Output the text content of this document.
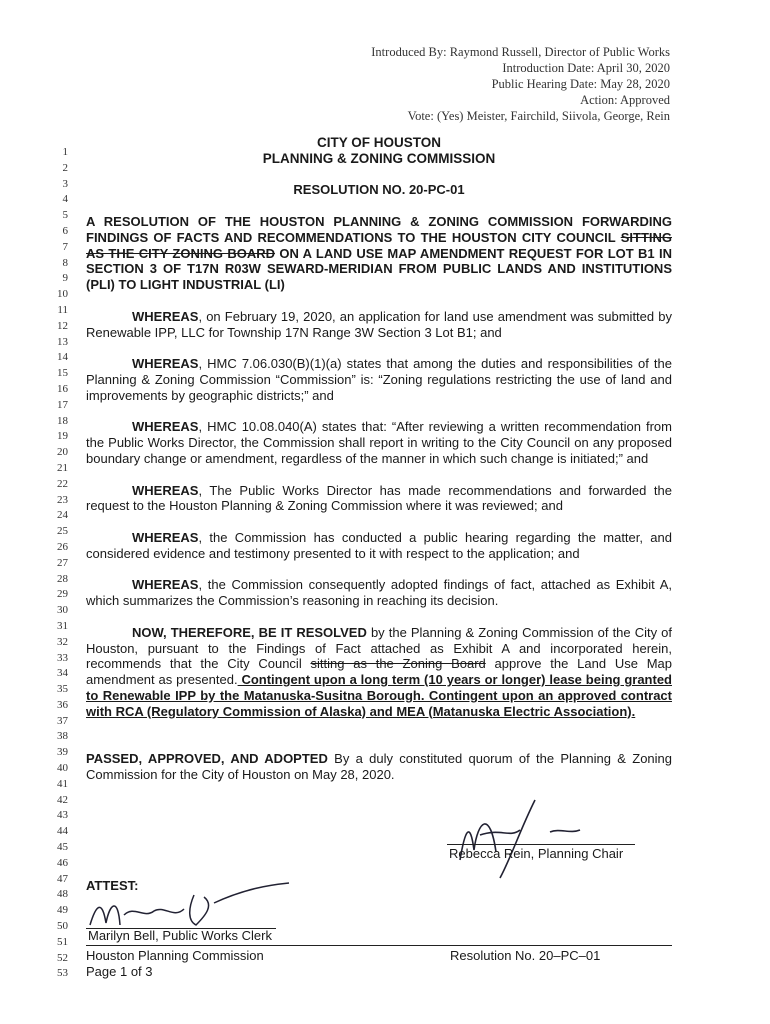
Introduced By: Raymond Russell, Director of Public Works
Introduction Date: April 30, 2020
Public Hearing Date: May 28, 2020
Action: Approved
Vote: (Yes) Meister, Fairchild, Siivola, George, Rein
1
2
3
4
5
6
7
8
9
10
11
12
13
14
15
16
17
18
19
20
21
22
23
24
25
26
27
28
29
30
31
32
33
34
35
36
37
38
39
40
41
42
43
44
45
46
47
48
49
50
51
52
53
CITY OF HOUSTON
PLANNING & ZONING COMMISSION
RESOLUTION NO. 20-PC-01
A RESOLUTION OF THE HOUSTON PLANNING & ZONING COMMISSION FORWARDING FINDINGS OF FACTS AND RECOMMENDATIONS TO THE HOUSTON CITY COUNCIL SITTING AS THE CITY ZONING BOARD ON A LAND USE MAP AMENDMENT REQUEST FOR LOT B1 IN SECTION 3 OF T17N R03W SEWARD-MERIDIAN FROM PUBLIC LANDS AND INSTITUTIONS (PLI) TO LIGHT INDUSTRIAL (LI)
WHEREAS, on February 19, 2020, an application for land use amendment was submitted by Renewable IPP, LLC for Township 17N Range 3W Section 3 Lot B1; and
WHEREAS, HMC 7.06.030(B)(1)(a) states that among the duties and responsibilities of the Planning & Zoning Commission “Commission” is: “Zoning regulations restricting the use of land and improvements by geographic districts;” and
WHEREAS, HMC 10.08.040(A) states that: “After reviewing a written recommendation from the Public Works Director, the Commission shall report in writing to the City Council on any proposed boundary change or amendment, regardless of the manner in which such change is initiated;” and
WHEREAS, The Public Works Director has made recommendations and forwarded the request to the Houston Planning & Zoning Commission where it was reviewed; and
WHEREAS, the Commission has conducted a public hearing regarding the matter, and considered evidence and testimony presented to it with respect to the application; and
WHEREAS, the Commission consequently adopted findings of fact, attached as Exhibit A, which summarizes the Commission’s reasoning in reaching its decision.
NOW, THEREFORE, BE IT RESOLVED by the Planning & Zoning Commission of the City of Houston, pursuant to the Findings of Fact attached as Exhibit A and incorporated herein, recommends that the City Council sitting as the Zoning Board approve the Land Use Map amendment as presented. Contingent upon a long term (10 years or longer) lease being granted to Renewable IPP by the Matanuska-Susitna Borough. Contingent upon an approved contract with RCA (Regulatory Commission of Alaska) and MEA (Matanuska Electric Association).
PASSED, APPROVED, AND ADOPTED By a duly constituted quorum of the Planning & Zoning Commission for the City of Houston on May 28, 2020.
Rebecca Rein, Planning Chair
ATTEST:
Marilyn Bell, Public Works Clerk
Houston Planning Commission
Page 1 of 3
Resolution No. 20–PC–01
